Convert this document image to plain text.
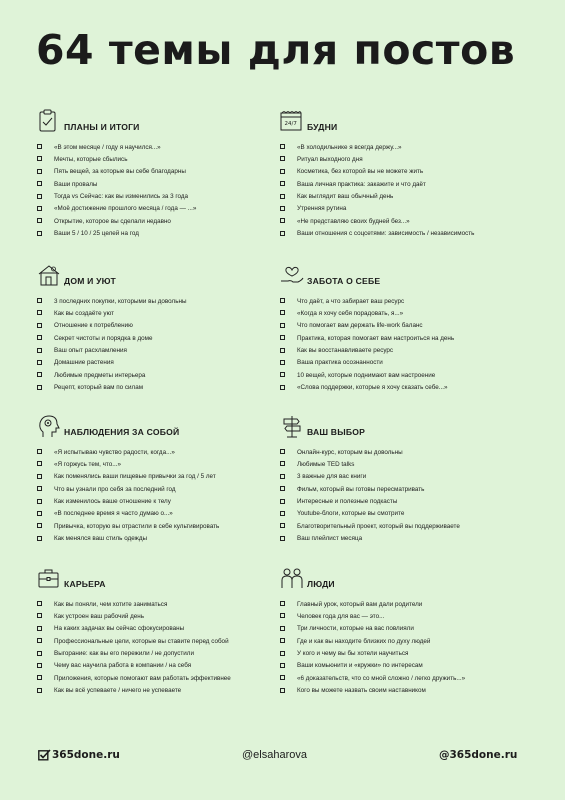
64 темы для постов
ПЛАНЫ И ИТОГИ
«В этом месяце / году я научился...»
Мечты, которые сбылись
Пять вещей, за которые вы себе благодарны
Ваши провалы
Тогда vs Сейчас: как вы изменились за 3 года
«Моё достижение прошлого месяца / года — ...»
Открытие, которое вы сделали недавно
Ваши 5 / 10 / 25 целей на год
24/7 БУДНИ
«В холодильнике я всегда держу...»
Ритуал выходного дня
Косметика, без которой вы не можете жить
Ваша личная практика: закажите и что даёт
Как выглядит ваш обычный день
Утренняя рутина
«Не представляю своих будней без...»
Ваши отношения с соцсетями: зависимость / независимость
ДОМ И УЮТ
3 последних покупки, которыми вы довольны
Как вы создаёте уют
Отношение к потреблению
Секрет чистоты и порядка в доме
Ваш опыт расхламления
Домашние растения
Любимые предметы интерьера
Рецепт, который вам по силам
ЗАБОТА О СЕБЕ
Что даёт, а что забирает ваш ресурс
«Когда я хочу себя порадовать, я...»
Что помогает вам держать life-work баланс
Практика, которая помогает вам настроиться на день
Как вы восстанавливаете ресурс
Ваша практика осознанности
10 вещей, которые поднимают вам настроение
«Слова поддержки, которые я хочу сказать себе...»
НАБЛЮДЕНИЯ ЗА СОБОЙ
«Я испытываю чувство радости, когда...»
«Я горжусь тем, что...»
Как поменялись ваши пищевые привычки за год / 5 лет
Что вы узнали про себя за последний год
Как изменилось ваше отношение к телу
«В последнее время я часто думаю о...»
Привычка, которую вы отрастили в себе культивировать
Как менялся ваш стиль одежды
ВАШ ВЫБОР
Онлайн-курс, которым вы довольны
Любимые TED talks
3 важные для вас книги
Фильм, который вы готовы пересматривать
Интересные и полезные подкасты
Youtube-блоги, которые вы смотрите
Благотворительный проект, который вы поддерживаете
Ваш плейлист месяца
КАРЬЕРА
Как вы поняли, чем хотите заниматься
Как устроен ваш рабочий день
На каких задачах вы сейчас сфокусированы
Профессиональные цели, которые вы ставите перед собой
Выгорание: как вы его пережили / не допустили
Чему вас научила работа в компании / на себя
Приложения, которые помогают вам работать эффективнее
Как вы всё успеваете / ничего не успеваете
ЛЮДИ
Главный урок, который вам дали родители
Человек года для вас — это...
Три личности, которые на вас повлияли
Где и как вы находите близких по духу людей
У кого и чему вы бы хотели научиться
Ваши комьюнити и «кружки» по интересам
«6 доказательств, что со мной сложно / легко дружить...»
Кого вы можете назвать своим наставником
365done.ru	@elsaharova	@365done.ru
